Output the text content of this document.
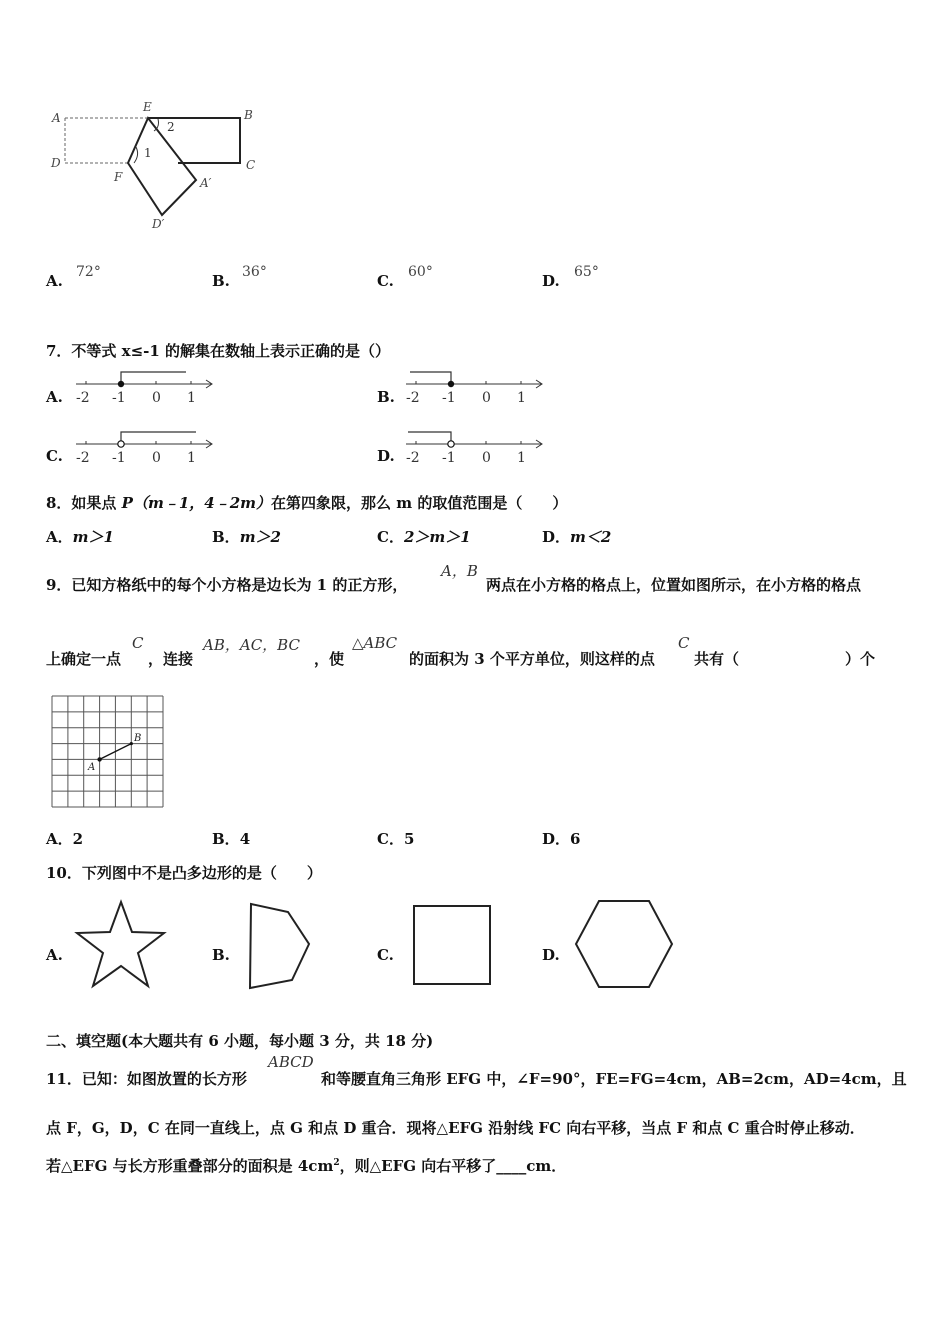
A
E
B
D
F
C
A′
D′
1
2
A. 72°	B. 36°	C. 60°	D. 65°
7．不等式 x≤-1 的解集在数轴上表示正确的是（）
A. -2 -1 0 1	B. -2 -1 0 1
C. -2 -1 0 1	D. -2 -1 0 1
8．如果点 P（m﹣1，4﹣2m）在第四象限，那么 m 的取值范围是（　　）
A．m＞1	B．m＞2	C．2＞m＞1	D．m＜2
9．已知方格纸中的每个小方格是边长为 1 的正方形，
A，B
两点在小方格的格点上，位置如图所示，在小方格的格点
上确定一点
C
，连接
AB，AC，BC
，使
△ABC
的面积为 3 个平方单位，则这样的点
C
共有（	）个
A
B
A．2	B．4	C．5	D．6
10．下列图中不是凸多边形的是（　　）
A.	B.	C.	D.
二、填空题(本大题共有 6 小题，每小题 3 分，共 18 分)
11．已知：如图放置的长方形
ABCD
和等腰直角三角形 EFG 中，∠F=90°，FE=FG=4cm，AB=2cm，AD=4cm，且
点 F，G，D，C 在同一直线上，点 G 和点 D 重合．现将△EFG 沿射线 FC 向右平移，当点 F 和点 C 重合时停止移动．
若△EFG 与长方形重叠部分的面积是 $4cm^2$，则△EFG 向右平移了____cm．
